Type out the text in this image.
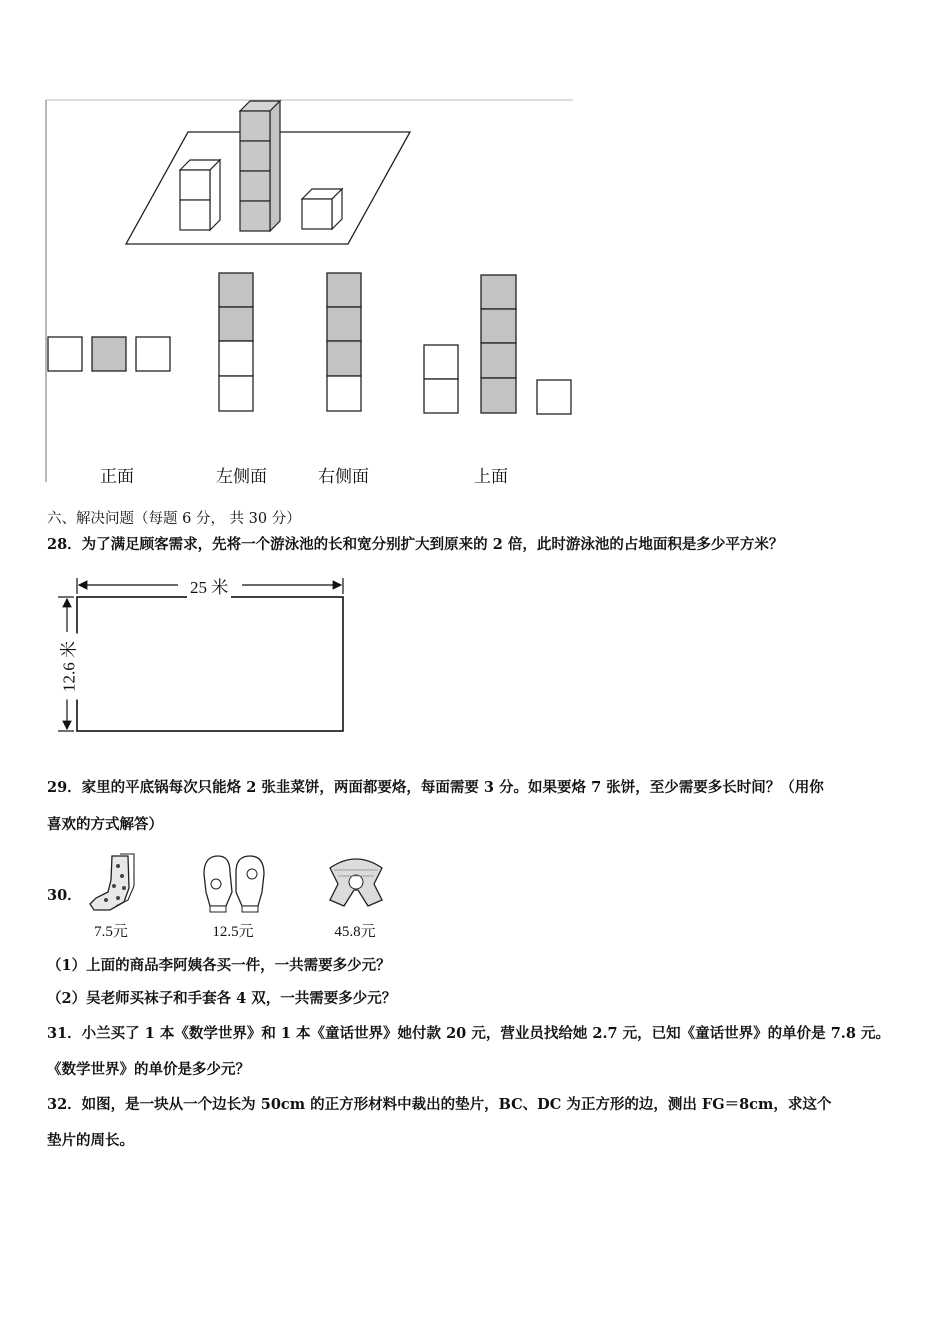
正面	左侧面	右侧面	上面
六、解决问题（每题 6 分， 共 30 分）
28．为了满足顾客需求，先将一个游泳池的长和宽分别扩大到原来的 2 倍，此时游泳池的占地面积是多少平方米？
25 米
12.6 米
29．家里的平底锅每次只能烙 2 张韭菜饼，两面都要烙，每面需要 3 分。如果要烙 7 张饼，至少需要多长时间？（用你
喜欢的方式解答）
30．
7.5元	12.5元	45.8元
（1）上面的商品李阿姨各买一件，一共需要多少元？
（2）吴老师买袜子和手套各 4 双，一共需要多少元？
31．小兰买了 1 本《数学世界》和 1 本《童话世界》她付款 20 元，营业员找给她 2.7 元，已知《童话世界》的单价是 7.8 元。
《数学世界》的单价是多少元？
32．如图，是一块从一个边长为 50cm 的正方形材料中裁出的垫片，BC、DC 为正方形的边，测出 FG＝8cm，求这个
垫片的周长。
